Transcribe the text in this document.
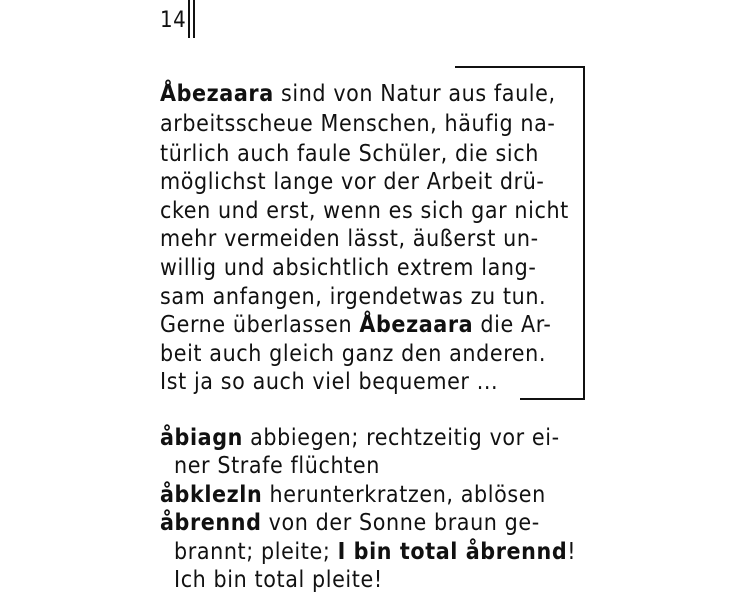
14
Åbezaara sind von Natur aus faule,
arbeitsscheue Menschen, häufig na-
türlich auch faule Schüler, die sich
möglichst lange vor der Arbeit drü-
cken und erst, wenn es sich gar nicht
mehr vermeiden lässt, äußerst un-
willig und absichtlich extrem lang-
sam anfangen, irgendetwas zu tun.
Gerne überlassen Åbezaara die Ar-
beit auch gleich ganz den anderen.
Ist ja so auch viel bequemer ...
åbiagn abbiegen; rechtzeitig vor ei-
ner Strafe flüchten
åbklezln herunterkratzen, ablösen
åbrennd von der Sonne braun ge-
brannt; pleite; I bin total åbrennd!
Ich bin total pleite!
